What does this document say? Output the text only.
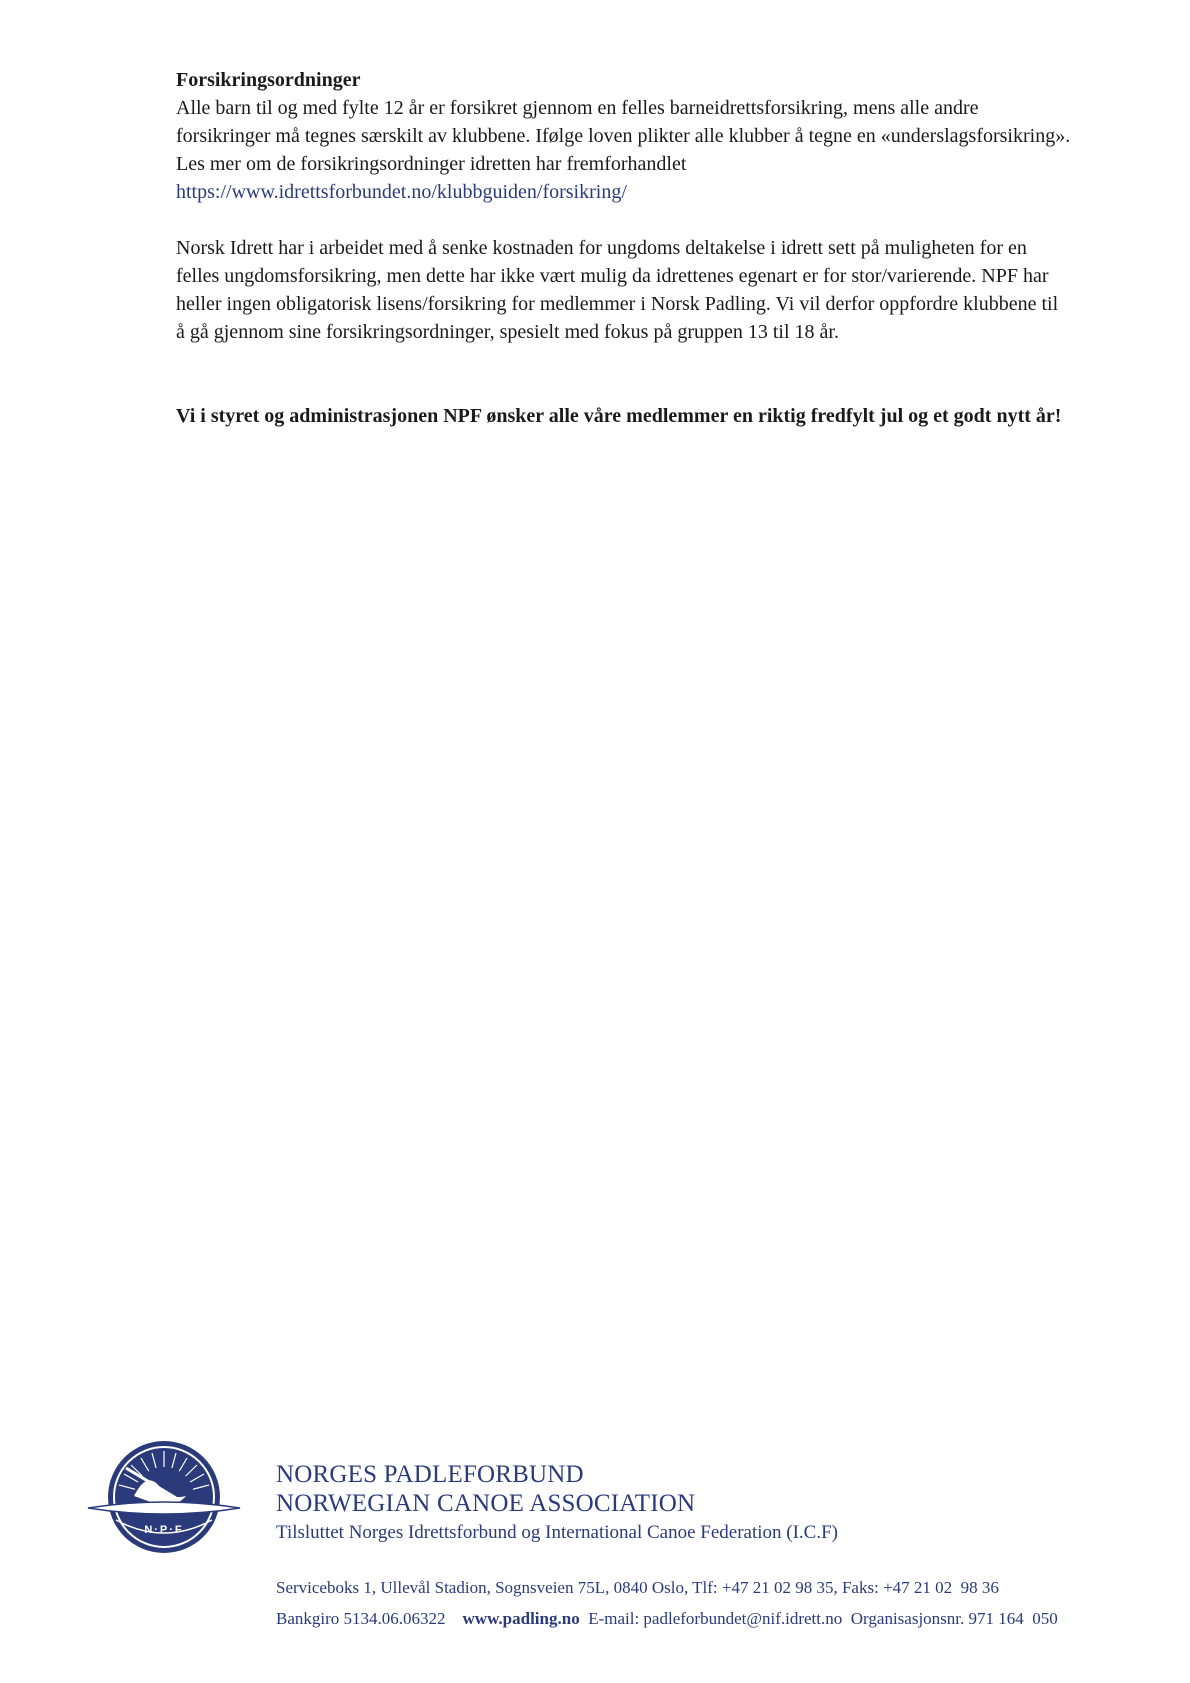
Forsikringsordninger

Alle barn til og med fylte 12 år er forsikret gjennom en felles barneidrettsforsikring, mens alle andre

forsikringer må tegnes særskilt av klubbene. Ifølge loven plikter alle klubber å tegne en «underslagsforsikring».

Les mer om de forsikringsordninger idretten har fremforhandlet

https://www.idrettsforbundet.no/klubbguiden/forsikring/

Norsk Idrett har i arbeidet med å senke kostnaden for ungdoms deltakelse i idrett sett på muligheten for en

felles ungdomsforsikring, men dette har ikke vært mulig da idrettenes egenart er for stor/varierende. NPF har

heller ingen obligatorisk lisens/forsikring for medlemmer i Norsk Padling. Vi vil derfor oppfordre klubbene til

å gå gjennom sine forsikringsordninger, spesielt med fokus på gruppen 13 til 18 år.

Vi i styret og administrasjonen NPF ønsker alle våre medlemmer en riktig fredfylt jul og et godt nytt år!

N·P·F

NORGES PADLEFORBUND

NORWEGIAN CANOE ASSOCIATION

Tilsluttet Norges Idrettsforbund og International Canoe Federation (I.C.F)

Serviceboks 1, Ullevål Stadion, Sognsveien 75L, 0840 Oslo, Tlf: +47 21 02 98 35, Faks: +47 21 02  98 36

Bankgiro 5134.06.06322 www.padling.no E-mail: padleforbundet@nif.idrett.no Organisasjonsnr. 971 164  050
